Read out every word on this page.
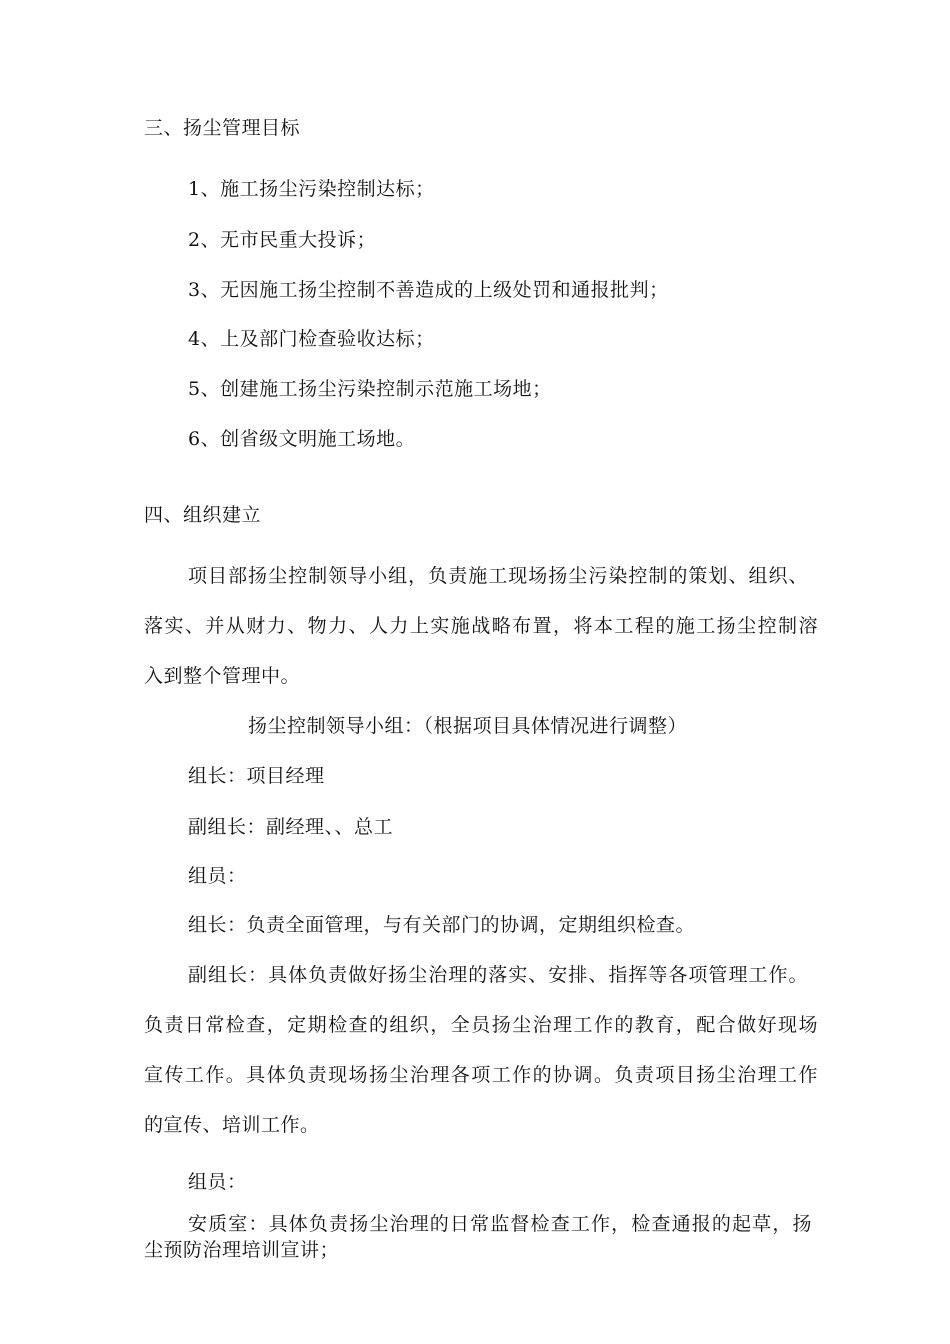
三、扬尘管理目标
1、施工扬尘污染控制达标；
2、无市民重大投诉；
3、无因施工扬尘控制不善造成的上级处罚和通报批判；
4、上及部门检查验收达标；
5、创建施工扬尘污染控制示范施工场地；
6、创省级文明施工场地。
四、组织建立
项目部扬尘控制领导小组，负责施工现场扬尘污染控制的策划、组织、
落实、并从财力、物力、人力上实施战略布置，将本工程的施工扬尘控制溶
入到整个管理中。
扬尘控制领导小组：（根据项目具体情况进行调整）
组长：项目经理
副组长：副经理、、总工
组员：
组长：负责全面管理，与有关部门的协调，定期组织检查。
副组长：具体负责做好扬尘治理的落实、安排、指挥等各项管理工作。
负责日常检查，定期检查的组织，全员扬尘治理工作的教育，配合做好现场
宣传工作。具体负责现场扬尘治理各项工作的协调。负责项目扬尘治理工作
的宣传、培训工作。
组员：
安质室：具体负责扬尘治理的日常监督检查工作，检查通报的起草，扬
尘预防治理培训宣讲；
